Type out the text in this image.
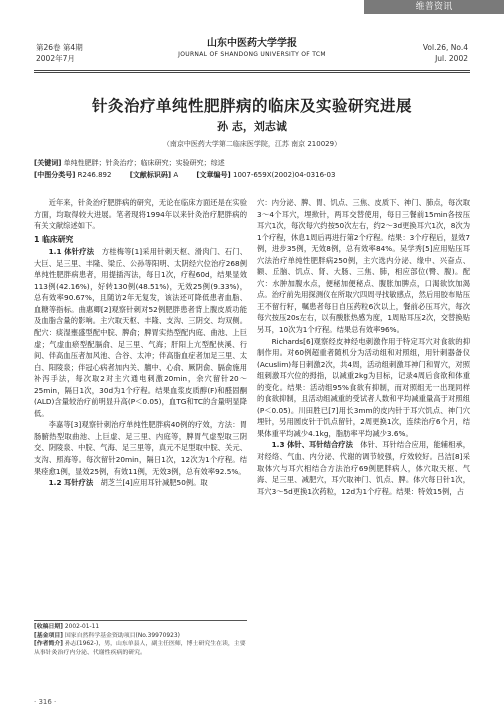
维普资讯 http://www.cqvip.com
第26卷 第4期
2002年7月
山东中医药大学学报
JOURNAL OF SHANDONG UNIVERSITY OF TCM
Vol.26, No.4
Jul. 2002
针灸治疗单纯性肥胖病的临床及实验研究进展
孙 志，刘志诚
（南京中医药大学第二临床医学院，江苏 南京 210029）
[关键词] 单纯性肥胖；针灸治疗；临床研究；实验研究；综述
[中图分类号] R246.892	[文献标识码] A	[文章编号] 1007-659X(2002)04-0316-03

近年来，针灸治疗肥胖病的研究，无论在临床方面还是在实验方面，均取得较大进展。笔者现将1994年以来针灸治疗肥胖病的有关文献综述如下。

1 临床研究

1.1 体针疗法　 方桂梅等[1]采用针刺天枢、滑肉门、石门、大巨、足三里、丰隆、梁丘、公孙等阳明、太阴经穴位治疗268例单纯性肥胖病患者，用提插泻法，每日1次，疗程60d，结果显效113例(42.16%)，好转130例(48.51%)，无效25例(9.33%)，总有效率90.67%，且随访2年无复发，该法还可降低患者血脂、血糖等指标。曲惠卿[2]观察针刺对52例肥胖患者背上腹皮质功能及血脂含量的影响。主穴取天枢、丰隆、支沟、三阴交、均双侧。配穴：痰湿壅盛型配中脘、脾俞；脾胃实热型配内庭、曲池、上巨虚；气虚血瘀型配膈俞、足三里、气海；肝阳上亢型配侠溪、行间、伴高血压者加风池、合谷、太冲；伴高脂血症者加足三里、太白、阳陵泉；伴冠心病者加内关、膻中、心俞、厥阴俞、膈俞施用补泻手法，每次取2对主穴通电刺激20min，余穴留针20～25min，隔日1次，30d为1个疗程。结果血浆皮质醇(F)和醛固酮(ALD)含量较治疗前明显升高(P＜0.05)，血TG和TC的含量明显降低。

李嘉等[3]观察针刺治疗单纯性肥胖病40例的疗效，方法：胃肠腑热型取曲池、上巨虚、足三里、内庭等，脾胃气虚型取三阴交、阴陵泉、中脘、气海、足三里等，真元不足型取中脘、关元、支沟、照海等。每次留针20min，隔日1次，12次为1个疗程。结果痊愈1例，显效25例，有效11例，无效3例，总有效率92.5%。

1.2 耳针疗法　 胡芝兰[4]应用耳针减肥50例。取

穴：内分泌、脾、胃、饥点、三焦、皮质下、神门、肺点，每次取3～4个耳穴，埋揿针，两耳交替使用，每日三餐前15min各按压耳穴1次，每次每穴约按50次左右，约2～3d更换耳穴1次，8次为1个疗程，休息1周后再进行第2个疗程。结果：3个疗程后，显效7例，进步35例，无效8例，总有效率84%。吴学秀[5]应用贴压耳穴法治疗单纯性肥胖病250例，主穴选内分泌、缘中、兴奋点、额、丘脑、饥点、肾、大肠、三焦、肺，相应部位(臀、腹)。配穴：水肿加腹水点，便秘加便秘点、腹胀加脾点，口渴欲饮加渴点。治疗前先用探测仪在所取穴四周寻找敏感点，然后用胶布贴压王不留行籽，嘱患者每日自压药粒6次以上，餐前必压耳穴，每次每穴按压20s左右，以有酸胀热感为度，1周贴耳压2次，交替换贴另耳，10次为1个疗程。结果总有效率96%。

Richards[6]观察经皮神经电刺激作用于特定耳穴对食欲的抑制作用。对60例超重者随机分为活动组和对照组，用针刺器备仪(Acuslim)每日刺激2次，共4周，活动组刺激耳神门和胃穴，对照组刺激耳穴位的拇指，以减重2kg为目标，记录4周后食欲和体重的变化。结果：活动组95%食欲有抑制，而对照组无一出现同样的食欲抑制，且活动组减重的受试者人数和平均减重量高于对照组(P＜0.05)。川田胜已[7]用长3mm的皮内针于耳穴饥点、神门穴埋针，另用圆皮针于饥点留针，2周更换1次，连续治疗6个月，结果体重平均减少4.1kg，脂肪率平均减少3.6%。

1.3 体针、耳针结合疗法　 体针、耳针结合应用，能辅相承，对经络、气血、内分泌、代谢的调节较强，疗效较好。吕洁[8]采取体穴与耳穴相结合方法治疗69例肥胖病人，体穴取天枢、气海、足三里、减肥穴，耳穴取神门、饥点、脾。体穴每日针1次，耳穴3～5d更换1次药粒，12d为1个疗程。结果：特效15例，占

[收稿日期] 2002-01-11
[基金项目] 国家自然科学基金资助项目(No.39970923)
[作者简介] 孙志(1962-)，男，山东单县人，副主任医师，博士研究生在读，主要从事针灸治疗内分泌、代谢性疾病的研究。
· 316 ·
